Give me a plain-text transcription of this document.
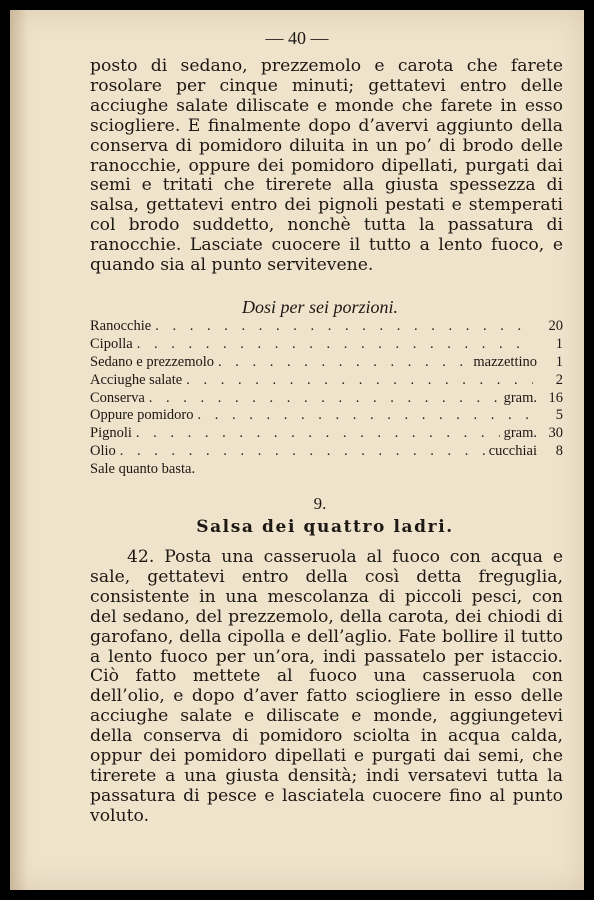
— 40 —

posto di sedano, prezzemolo e carota che farete rosolare per cinque minuti; gettatevi entro delle acciughe salate diliscate e monde che farete in esso sciogliere. E finalmente dopo d’avervi aggiunto della conserva di pomidoro diluita in un po’ di brodo delle ranocchie, oppure dei pomidoro dipellati, purgati dai semi e tritati che tirerete alla giusta spessezza di salsa, gettatevi entro dei pignoli pestati e stemperati col brodo suddetto, nonchè tutta la passatura di ranocchie. Lasciate cuocere il tutto a lento fuoco, e quando sia al punto servitevene.

Dosi per sei porzioni.
Ranocchie . . .	20
Cipolla . . .	1
Sedano e prezzemolo . . .	mazzettino	1
Acciughe salate . . .	2
Conserva . . .	gram. 16
Oppure pomidoro . . .	5
Pignoli . . .	gram. 30
Olio . . .	cucchiai	8
Sale quanto basta.
9.
Salsa dei quattro ladri.

42. Posta una casseruola al fuoco con acqua e sale, gettatevi entro della così detta freguglia, consistente in una mescolanza di piccoli pesci, con del sedano, del prezzemolo, della carota, dei chiodi di garofano, della cipolla e dell’aglio. Fate bollire il tutto a lento fuoco per un’ora, indi passatelo per istaccio. Ciò fatto mettete al fuoco una casseruola con dell’olio, e dopo d’aver fatto sciogliere in esso delle acciughe salate e diliscate e monde, aggiungetevi della conserva di pomidoro sciolta in acqua calda, oppur dei pomidoro dipellati e purgati dai semi, che tirerete a una giusta densità; indi versatevi tutta la passatura di pesce e lasciatela cuocere fino al punto voluto.
